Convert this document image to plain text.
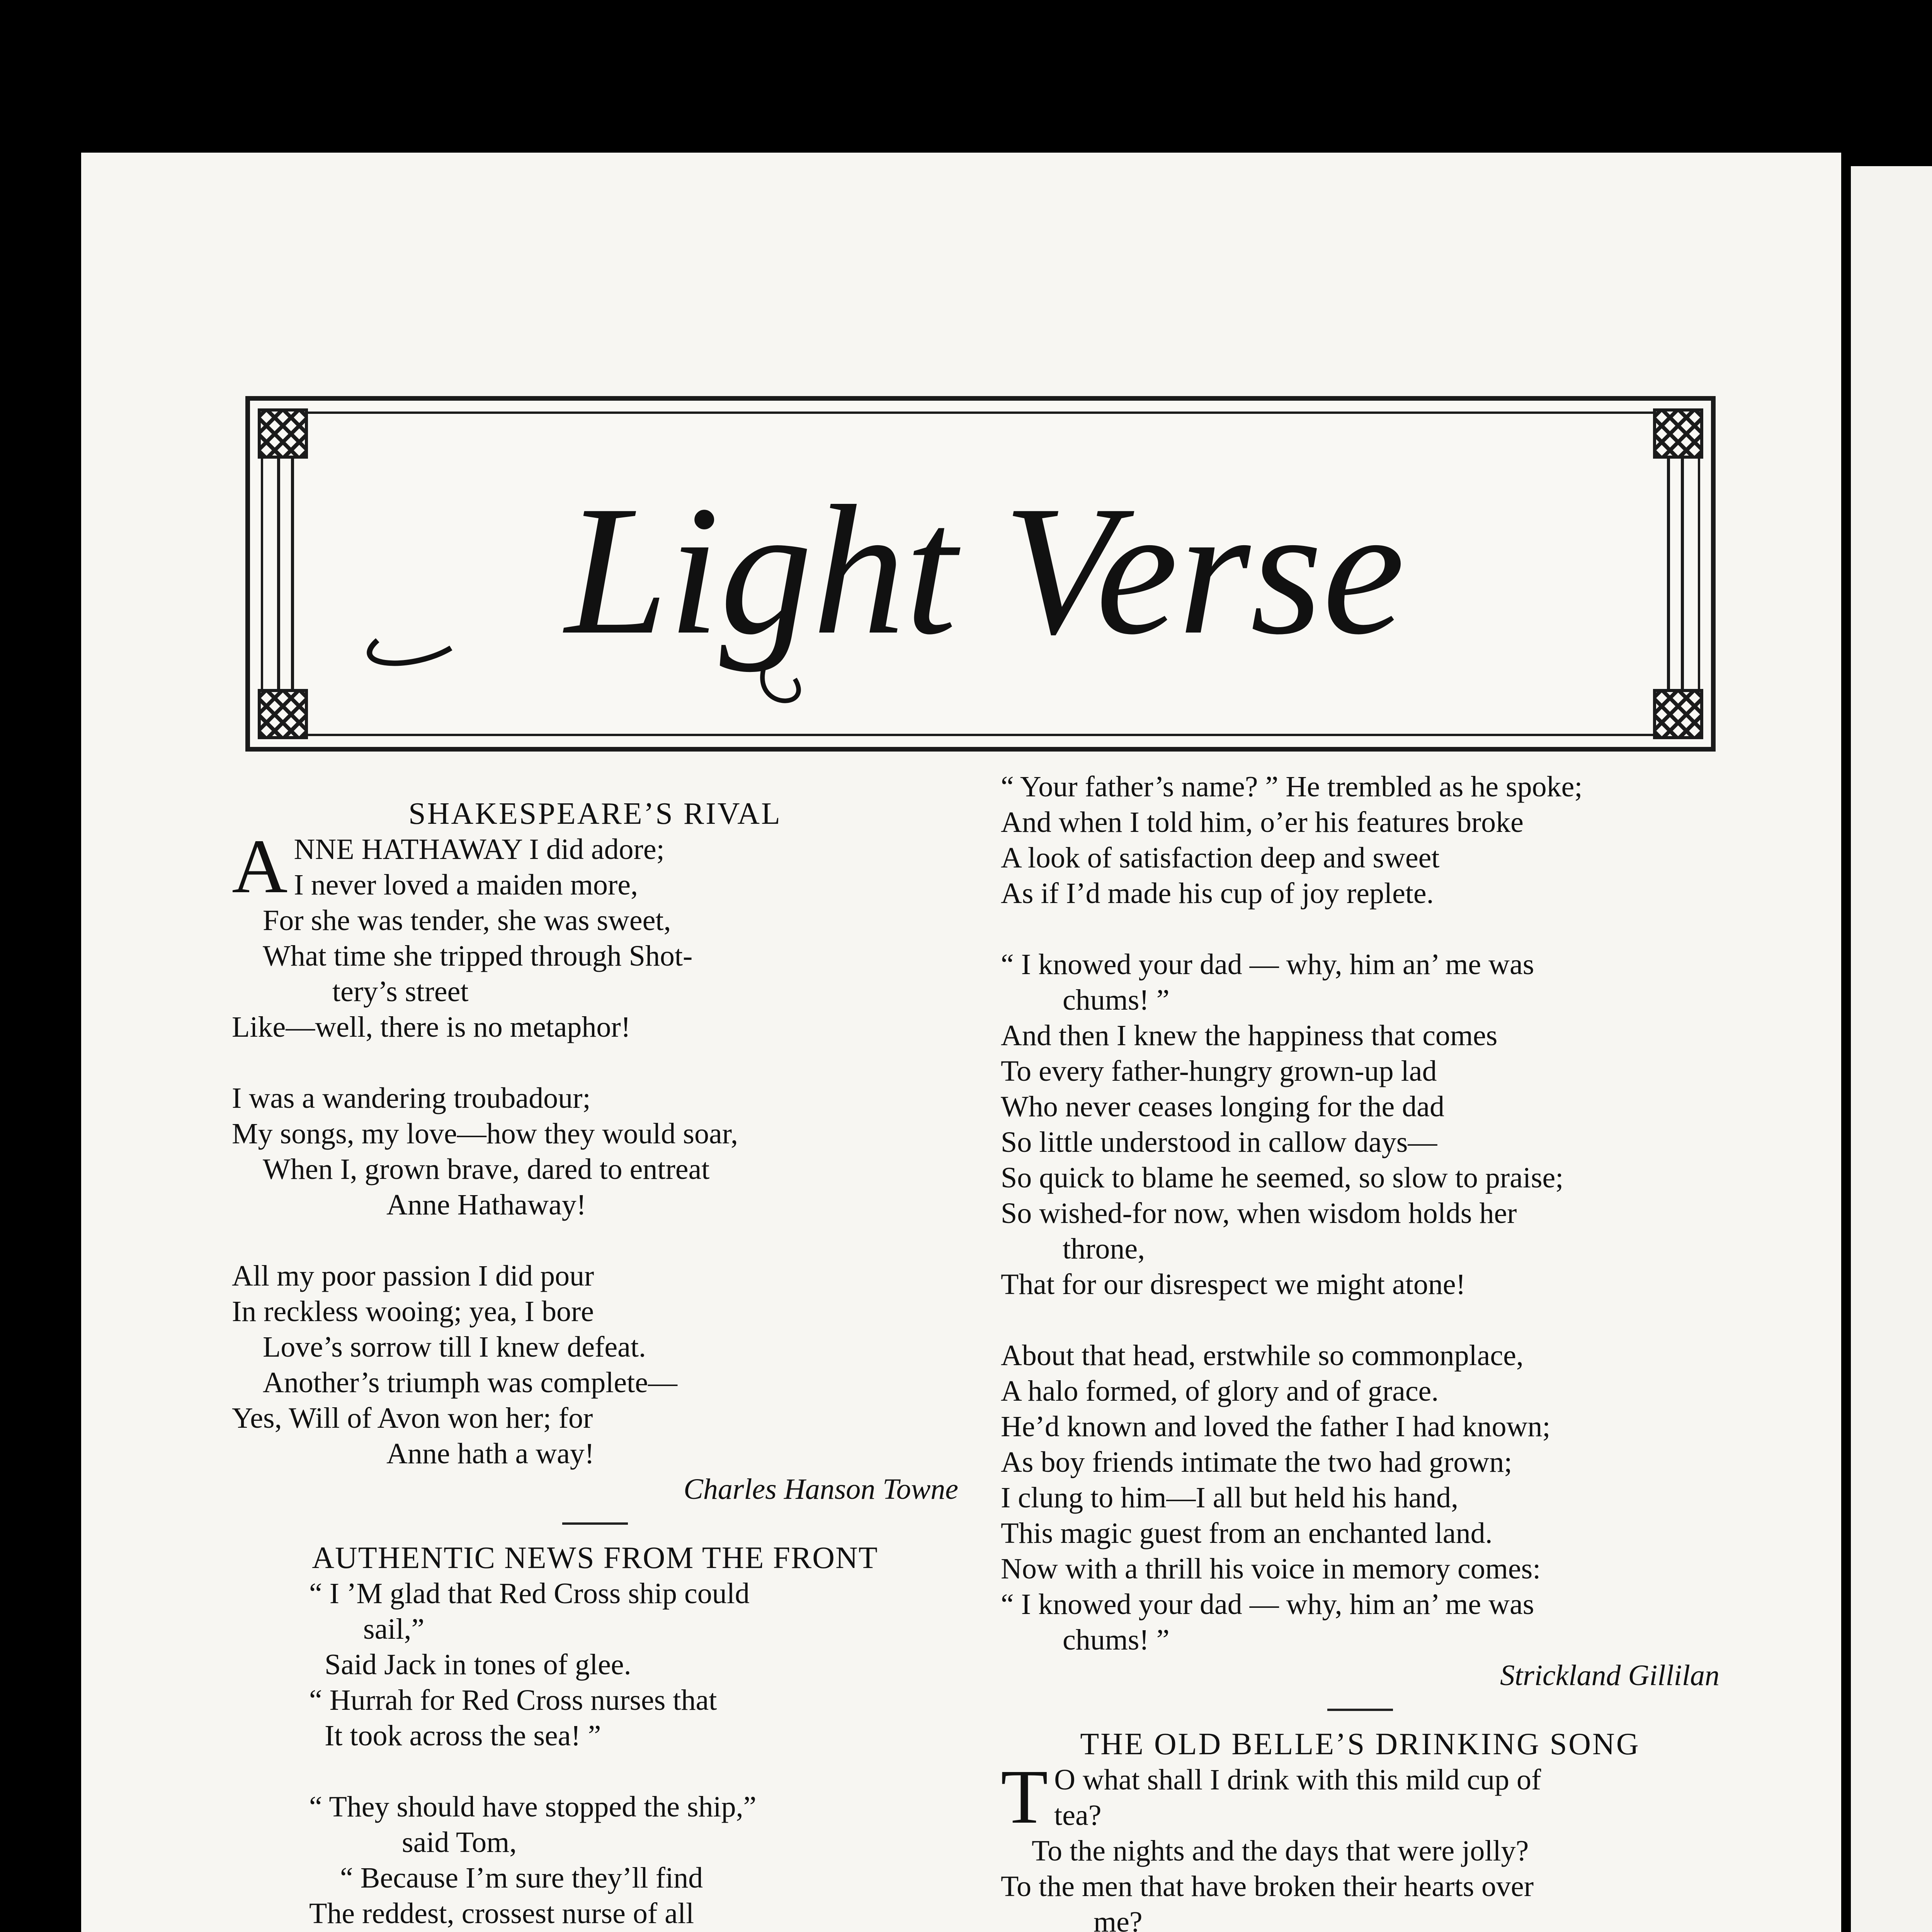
Light Verse

SHAKESPEARE’S RIVAL

A NNE HATHAWAY I did adore;

I never loved a maiden more,

For she was tender, she was sweet,

What time she tripped through Shot-

tery’s street

Like—well, there is no metaphor!

I was a wandering troubadour;

My songs, my love—how they would soar,

When I, grown brave, dared to entreat

Anne Hathaway!

All my poor passion I did pour

In reckless wooing; yea, I bore

Love’s sorrow till I knew defeat.

Another’s triumph was complete—

Yes, Will of Avon won her; for

Anne hath a way!

Charles Hanson Towne

AUTHENTIC NEWS FROM THE FRONT

“ I ’M glad that Red Cross ship could

sail,”

Said Jack in tones of glee.

“ Hurrah for Red Cross nurses that

It took across the sea! ”

“ They should have stopped the ship,”

said Tom,

“ Because I’m sure they’ll find

The reddest, crossest nurse of all

“ Your father’s name? ” He trembled as he spoke;

And when I told him, o’er his features broke

A look of satisfaction deep and sweet

As if I’d made his cup of joy replete.

“ I knowed your dad — why, him an’ me was

chums! ”

And then I knew the happiness that comes

To every father-hungry grown-up lad

Who never ceases longing for the dad

So little understood in callow days—

So quick to blame he seemed, so slow to praise;

So wished-for now, when wisdom holds her

throne,

That for our disrespect we might atone!

About that head, erstwhile so commonplace,

A halo formed, of glory and of grace.

He’d known and loved the father I had known;

As boy friends intimate the two had grown;

I clung to him—I all but held his hand,

This magic guest from an enchanted land.

Now with a thrill his voice in memory comes:

“ I knowed your dad — why, him an’ me was

chums! ”

Strickland Gillilan

THE OLD BELLE’S DRINKING SONG

T O what shall I drink with this mild cup of

tea?

To the nights and the days that were jolly?

To the men that have broken their hearts over

me?
